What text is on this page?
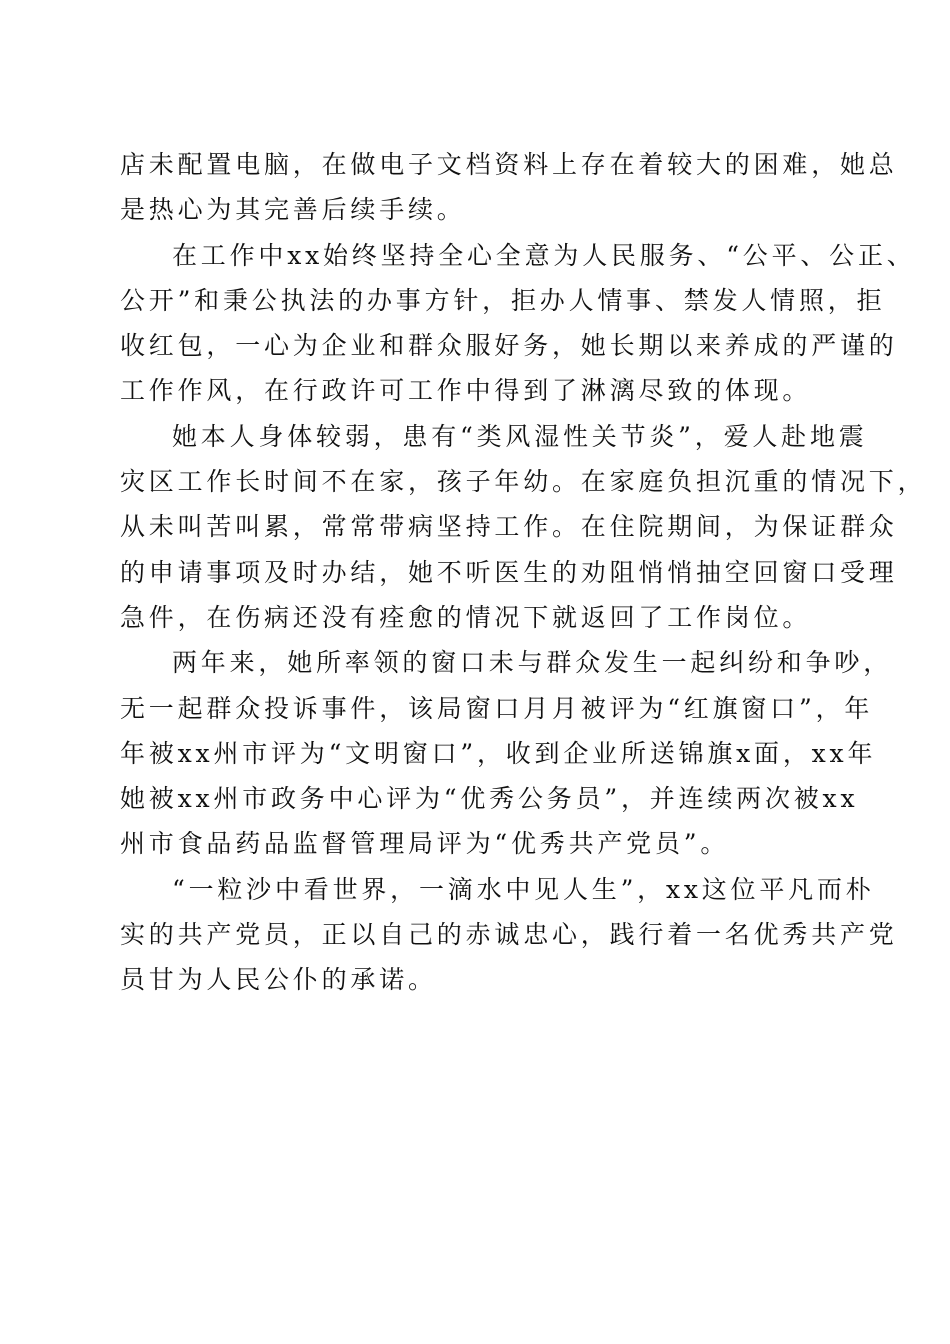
店未配置电脑，在做电子文档资料上存在着较大的困难，她总
是热心为其完善后续手续。
在工作中xx始终坚持全心全意为人民服务、“公平、公正、
公开”和秉公执法的办事方针，拒办人情事、禁发人情照，拒
收红包，一心为企业和群众服好务，她长期以来养成的严谨的
工作作风，在行政许可工作中得到了淋漓尽致的体现。
她本人身体较弱，患有“类风湿性关节炎”，爱人赴地震
灾区工作长时间不在家，孩子年幼。在家庭负担沉重的情况下，
从未叫苦叫累，常常带病坚持工作。在住院期间，为保证群众
的申请事项及时办结，她不听医生的劝阻悄悄抽空回窗口受理
急件，在伤病还没有痊愈的情况下就返回了工作岗位。
两年来，她所率领的窗口未与群众发生一起纠纷和争吵，
无一起群众投诉事件，该局窗口月月被评为“红旗窗口”，年
年被xx州市评为“文明窗口”，收到企业所送锦旗x面，xx年
她被xx州市政务中心评为“优秀公务员”，并连续两次被xx
州市食品药品监督管理局评为“优秀共产党员”。
“一粒沙中看世界，一滴水中见人生”，xx这位平凡而朴
实的共产党员，正以自己的赤诚忠心，践行着一名优秀共产党
员甘为人民公仆的承诺。
